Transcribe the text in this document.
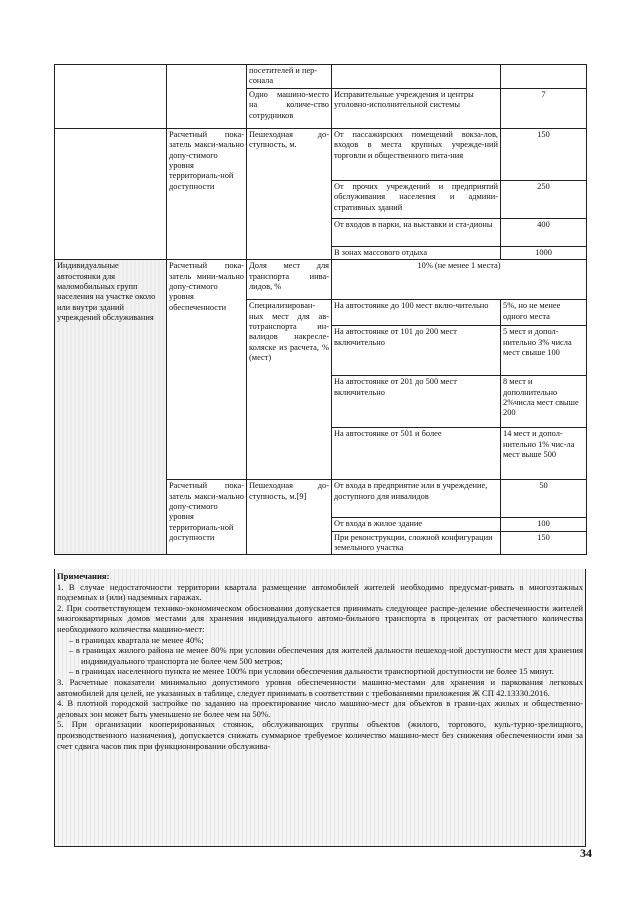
		посетителей и пер-сонала		
		Одно машино-место на количе-ство сотрудников	Исправительные учреждения и центры уголовно-исполнительной системы	7
	Расчетный пока-затель макси-мально допу-стимого уровня территориаль-ной доступности	Пешеходная до-ступность, м.	От пассажирских помещений вокза-лов, входов в места крупных учрежде-ний торговли и общественного пита-ния	150
			От прочих учреждений и предприятий обслуживания населения и админи-стративных зданий	250
			От входов в парки, на выставки и ста-дионы	400
			В зонах массового отдыха	1000
Индивидуальные автостоянки для маломобильных групп населения на участке около или внутри зданий учреждений обслуживания	Расчетный пока-затель мини-мально допу-стимого уровня обеспеченности	Доля мест для транспорта инва-лидов, %	10% (не менее 1 места)	
		Специализирован-ных мест для ав-тотранспорта ин-валидов накресле-коляске из расчета, % (мест)	На автостоянке до 100 мест вклю-чительно	5%, но не менее одного места
			На автостоянке от 101 до 200 мест включительно	5 мест и допол-нительно 3% числа мест свыше 100
			На автостоянке от 201 до 500 мест включительно	8 мест и дополнительно 2%числа мест свыше 200
			На автостоянке от 501 и более	14 мест и допол-нительно 1% чис-ла мест выше 500
	Расчетный пока-затель макси-мально допу-стимого уровня территориаль-ной доступности	Пешеходная до-ступность, м.[9]	От входа в предприятие или в учреждение, доступного для инвалидов	50
			От входа в жилое здание	100
			При реконструкции, сложной конфигурации земельного участка	150

Примечания:

1. В случае недостаточности территории квартала размещение автомобилей жителей необходимо предусмат-ривать в многоэтажных подземных и (или) надземных гаражах.

2. При соответствующем технико-экономическом обосновании допускается принимать следующее распре-деление обеспеченности жителей многоквартирных домов местами для хранения индивидуального автомо-бильного транспорта в процентах от расчетного количества необходимого количества машино-мест:

– в границах квартала не менее 40%;

– в границах жилого района не менее 80% при условии обеспечения для жителей дальности пешеход-ной доступности мест для хранения индивидуального транспорта не более чем 500 метров;

– в границах населенного пункта не менее 100% при условии обеспечения дальности транспортной доступности не более 15 минут.

3. Расчетные показатели минимально допустимого уровня обеспеченности машино-местами для хранения и паркования легковых автомобилей для целей, не указанных в таблице, следует принимать в соответствии с требованиями приложения Ж СП 42.13330.2016.

4. В плотной городской застройке по заданию на проектирование число машино-мест для объектов в грани-цах жилых и общественно-деловых зон может быть уменьшено не более чем на 50%.

5. При организации кооперированных стоянок, обслуживающих группы объектов (жилого, торгового, куль-турно-зрелищного, производственного назначения), допускается снижать суммарное требуемое количество машино-мест без снижения обеспеченности ими за счет сдвига часов пик при функционировании обслужива-

34
